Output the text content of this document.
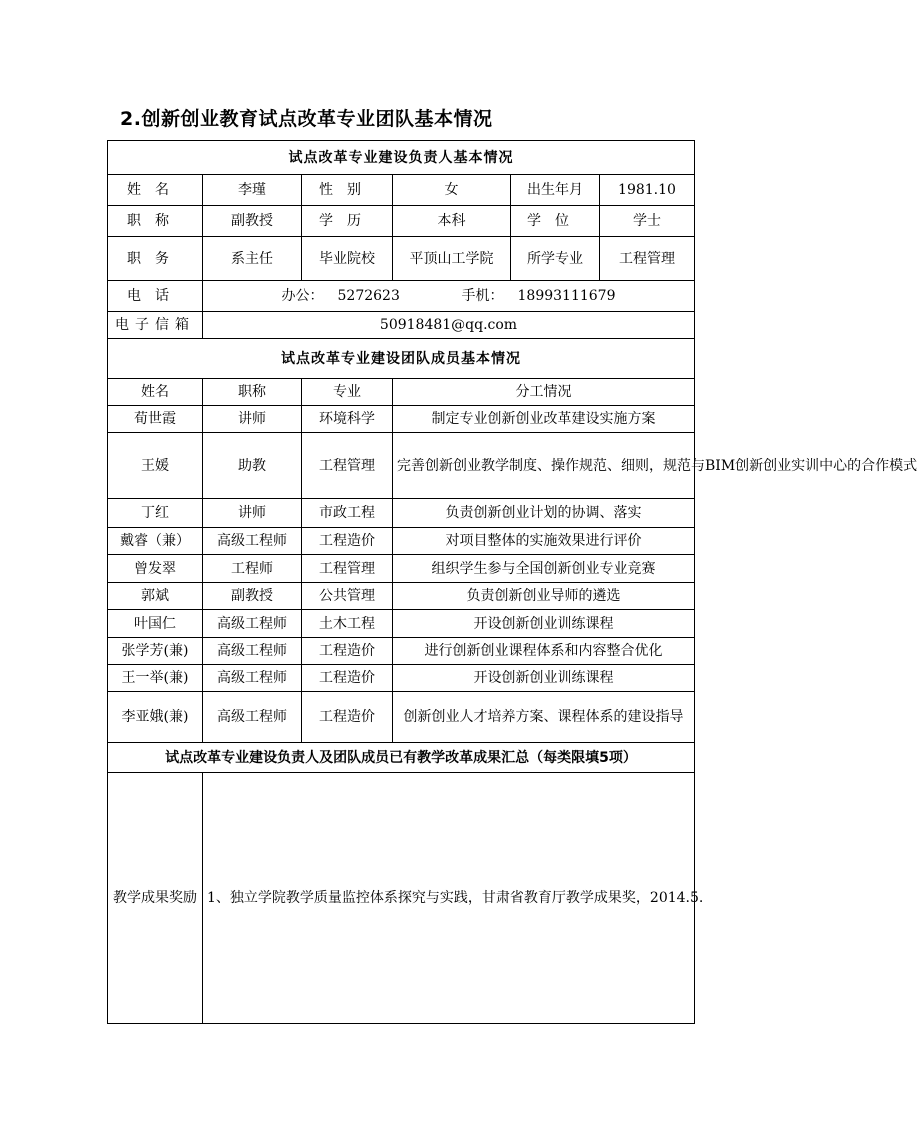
2.创新创业教育试点改革专业团队基本情况
试点改革专业建设负责人基本情况					
姓名	李瑾	性别	女	出生年月	1981.10
职称	副教授	学历	本科	学位	学士
职务	系主任	毕业院校	平顶山工学院	所学专业	工程管理
电话	办公： 5272623 手机： 18993111679				
电子信箱	50918481@qq.com				
试点改革专业建设团队成员基本情况					
姓名	职称	专业	分工情况		
荀世霞	讲师	环境科学	制定专业创新创业改革建设实施方案		
王媛	助教	工程管理	完善创新创业教学制度、操作规范、细则，规范与BIM创新创业实训中心的合作模式		
丁红	讲师	市政工程	负责创新创业计划的协调、落实		
戴睿（兼）	高级工程师	工程造价	对项目整体的实施效果进行评价		
曾发翠	工程师	工程管理	组织学生参与全国创新创业专业竞赛		
郭斌	副教授	公共管理	负责创新创业导师的遴选		
叶国仁	高级工程师	土木工程	开设创新创业训练课程		
张学芳(兼)	高级工程师	工程造价	进行创新创业课程体系和内容整合优化		
王一举(兼)	高级工程师	工程造价	开设创新创业训练课程		
李亚娥(兼)	高级工程师	工程造价	创新创业人才培养方案、课程体系的建设指导		
试点改革专业建设负责人及团队成员已有教学改革成果汇总（每类限填5项）					
教学成果奖励	1、独立学院教学质量监控体系探究与实践，甘肃省教育厅教学成果奖，2014.5.				
